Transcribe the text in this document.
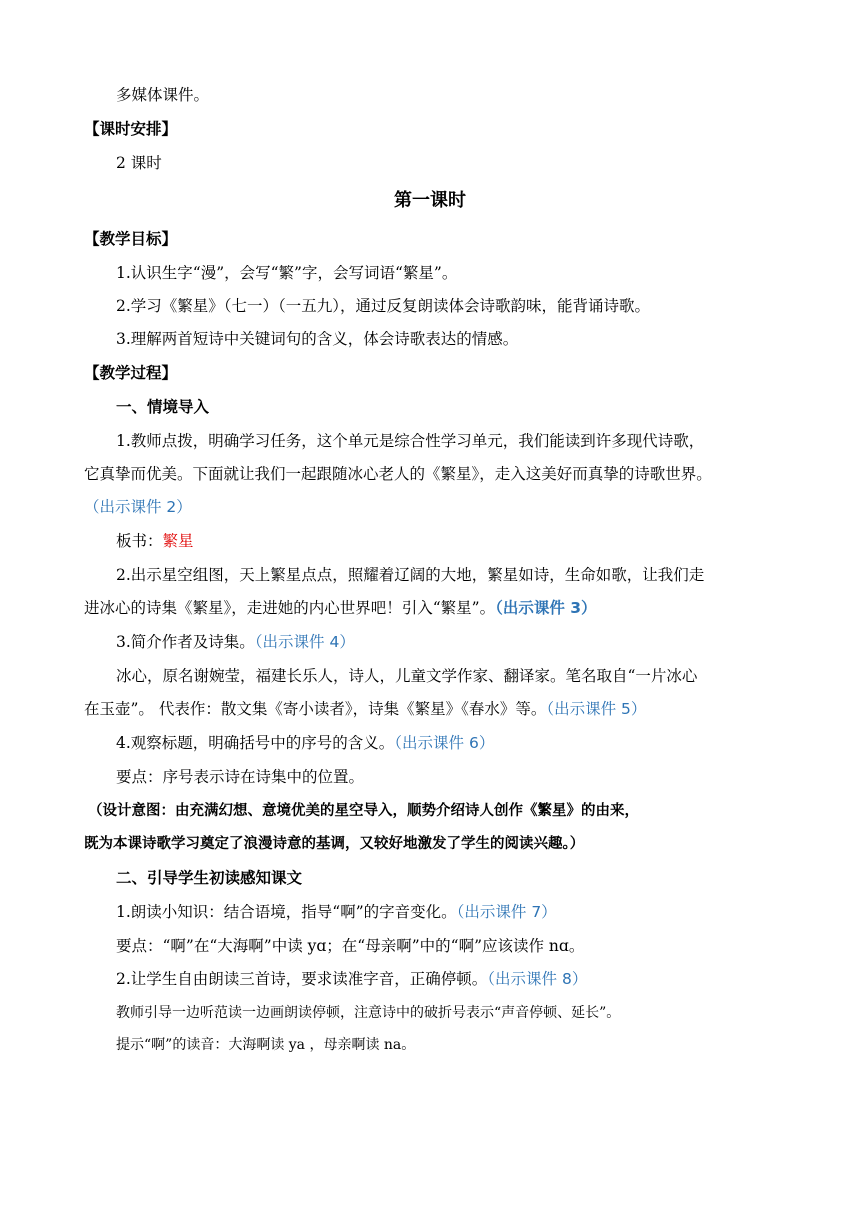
多媒体课件。
【课时安排】
2 课时
第一课时
【教学目标】
1.认识生字“漫”，会写“繁”字，会写词语“繁星”。
2.学习《繁星》（七一）（一五九），通过反复朗读体会诗歌韵味，能背诵诗歌。
3.理解两首短诗中关键词句的含义，体会诗歌表达的情感。
【教学过程】
一、情境导入
1.教师点拨，明确学习任务，这个单元是综合性学习单元，我们能读到许多现代诗歌，
它真挚而优美。下面就让我们一起跟随冰心老人的《繁星》，走入这美好而真挚的诗歌世界。
（出示课件 2）
板书：繁星
2.出示星空组图，天上繁星点点，照耀着辽阔的大地，繁星如诗，生命如歌，让我们走
进冰心的诗集《繁星》，走进她的内心世界吧！引入“繁星”。（出示课件 3）
3.简介作者及诗集。（出示课件 4）
冰心，原名谢婉莹，福建长乐人，诗人，儿童文学作家、翻译家。笔名取自“一片冰心
在玉壶”。 代表作：散文集《寄小读者》，诗集《繁星》《春水》等。（出示课件 5）
4.观察标题，明确括号中的序号的含义。（出示课件 6）
要点：序号表示诗在诗集中的位置。
（设计意图：由充满幻想、意境优美的星空导入，顺势介绍诗人创作《繁星》的由来，
既为本课诗歌学习奠定了浪漫诗意的基调，又较好地激发了学生的阅读兴趣。）
二、引导学生初读感知课文
1.朗读小知识：结合语境，指导“啊”的字音变化。（出示课件 7）
要点：“啊”在“大海啊”中读 yɑ；在“母亲啊”中的“啊”应该读作 nɑ。
2.让学生自由朗读三首诗，要求读准字音，正确停顿。（出示课件 8）
教师引导一边听范读一边画朗读停顿，注意诗中的破折号表示“声音停顿、延长”。
提示“啊”的读音：大海啊读 ya ，母亲啊读 na。
